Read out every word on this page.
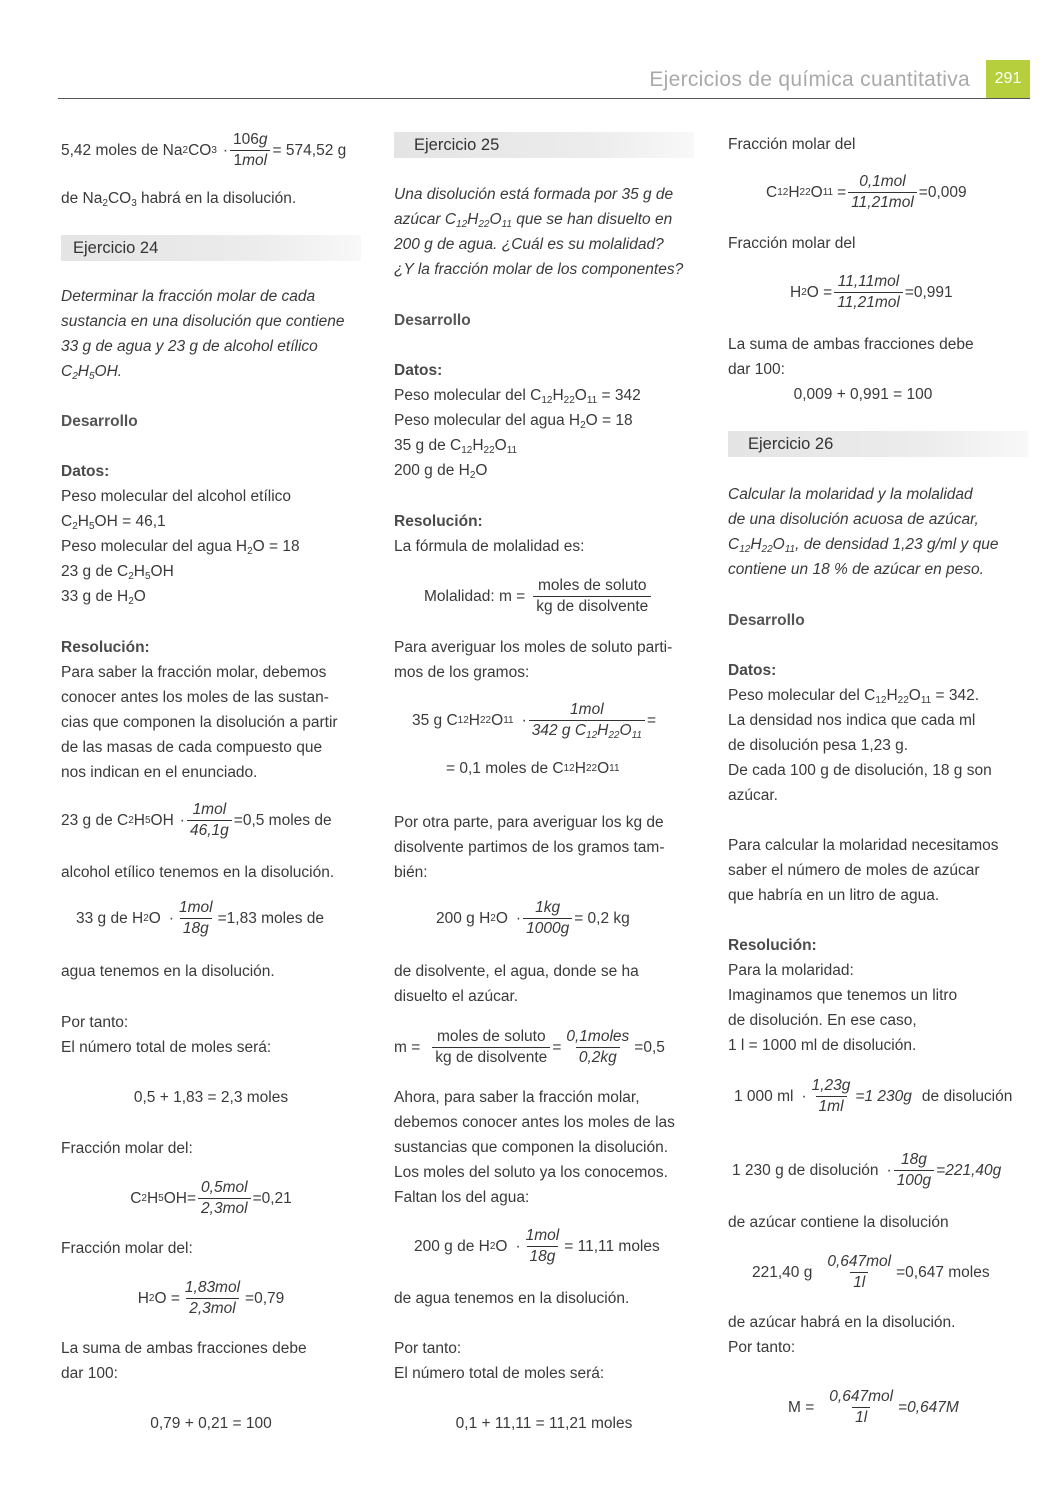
Ejercicios de química cuantitativa	291
5,42 moles de Na 2 CO $3 \cdot \frac{106g}{\text{1mol}} = 574,52$ g
de $Na_2CO_3$ habrá en la disolución.
Ejercicio 24

Determinar la fracción molar de cada

sustancia en una disolución que contiene

33 g de agua y 23 g de alcohol etílico

$C_2H_5OH$.

Desarrollo
Datos:

Peso molecular del alcohol etílico

$C_2H_5OH = 46,1$

Peso molecular del agua $H_2O = 18$

23 g de $C_2H_5OH$

33 g de $H_2O$

Resolución:

Para saber la fracción molar, debemos

conocer antes los moles de las sustan-

cias que componen la disolución a partir

de las masas de cada compuesto que

nos indican en el enunciado.

23 g de C 2 H 5 OH · $\frac{\text{1mol}}{46,1g} =0,5$ moles de
alcohol etílico tenemos en la disolución.
33 g de H 2 $O \cdot \frac{\text{1mol}}{18g} =1,83$ moles de
agua tenemos en la disolución.
Por tanto:
El número total de moles será:
0,5 + 1,83 = 2,3 moles
Fracción molar del:
C 2 H 5 OH = $\frac{\text{0,5mol}}{\text{2,3mol}} =0,21$
Fracción molar del:
H 2 $O = \frac{\text{1,83mol}}{\text{2,3mol}} =0,79$

La suma de ambas fracciones debe

dar 100:

0,79 + 0,21 = 100
Ejercicio 25

Una disolución está formada por 35 g de

azúcar $C_{12}H_{22}O_{11}$ que se han disuelto en

200 g de agua. ¿Cuál es su molalidad?

¿Y la fracción molar de los componentes?

Desarrollo
Datos:

Peso molecular del $C_{12}H_{22}O_{11} = 342$

Peso molecular del agua $H_2O = 18$

35 g de $C_{12}H_{22}O_{11}$

200 g de $H_2O$

Resolución:
La fórmula de molalidad es:
Molalidad: $m = \frac{\text{moles de soluto}}{\text{kg de disolvente}}$

Para averiguar los moles de soluto parti-

mos de los gramos:

35 g C 12 H 22 O $11 \cdot \frac{\text{1mol}}{342 g C_{12}H_{22}O_{11}}$ =
= 0,1 moles de C 12 H 22 O 11

Por otra parte, para averiguar los kg de

disolvente partimos de los gramos tam-

bién:

200 g H 2 $O \cdot \frac{1kg}{1000g} = 0,2$ kg

de disolvente, el agua, donde se ha

disuelto el azúcar.

$m = \frac{\text{moles de soluto}}{\text{kg de disolvente}} = \frac{\text{0,1moles}}{0,2kg} =0,5$

Ahora, para saber la fracción molar,

debemos conocer antes los moles de las

sustancias que componen la disolución.

Los moles del soluto ya los conocemos.

Faltan los del agua:

200 g de H 2 $O \cdot \frac{\text{1mol}}{18g} = 11,11$ moles
de agua tenemos en la disolución.
Por tanto:
El número total de moles será:
0,1 + 11,11 = 11,21 moles
Fracción molar del
C 12 H 22 O $11 = \frac{\text{0,1mol}}{\text{11,21mol}} =0,009$
Fracción molar del
H 2 $O = \frac{\text{11,11mol}}{\text{11,21mol}} =0,991$

La suma de ambas fracciones debe

dar 100:

0,009 + 0,991 = 100
Ejercicio 26

Calcular la molaridad y la molalidad

de una disolución acuosa de azúcar,

$C_{12}H_{22}O_{11}$, de densidad 1,23 g/ml y que

contiene un 18 % de azúcar en peso.

Desarrollo
Datos:

Peso molecular del $C_{12}H_{22}O_{11} = 342$.

La densidad nos indica que cada ml

de disolución pesa 1,23 g.

De cada 100 g de disolución, 18 g son

azúcar.

Para calcular la molaridad necesitamos

saber el número de moles de azúcar

que habría en un litro de agua.

Resolución:

Para la molaridad:

Imaginamos que tenemos un litro

de disolución. En ese caso,

1 l = 1000 ml de disolución.

1 000 ml · $\frac{1,23g}{1ml} =1$ 230g de disolución
1 230 g de disolución · $\frac{18g}{100g} =221,40g$
de azúcar contiene la disolución
221,40 g $\frac{\text{0,647mol}}{1l} =0,647$ moles
de azúcar habrá en la disolución.
Por tanto:
$M = \frac{\text{0,647mol}}{1l} =0,647M$
